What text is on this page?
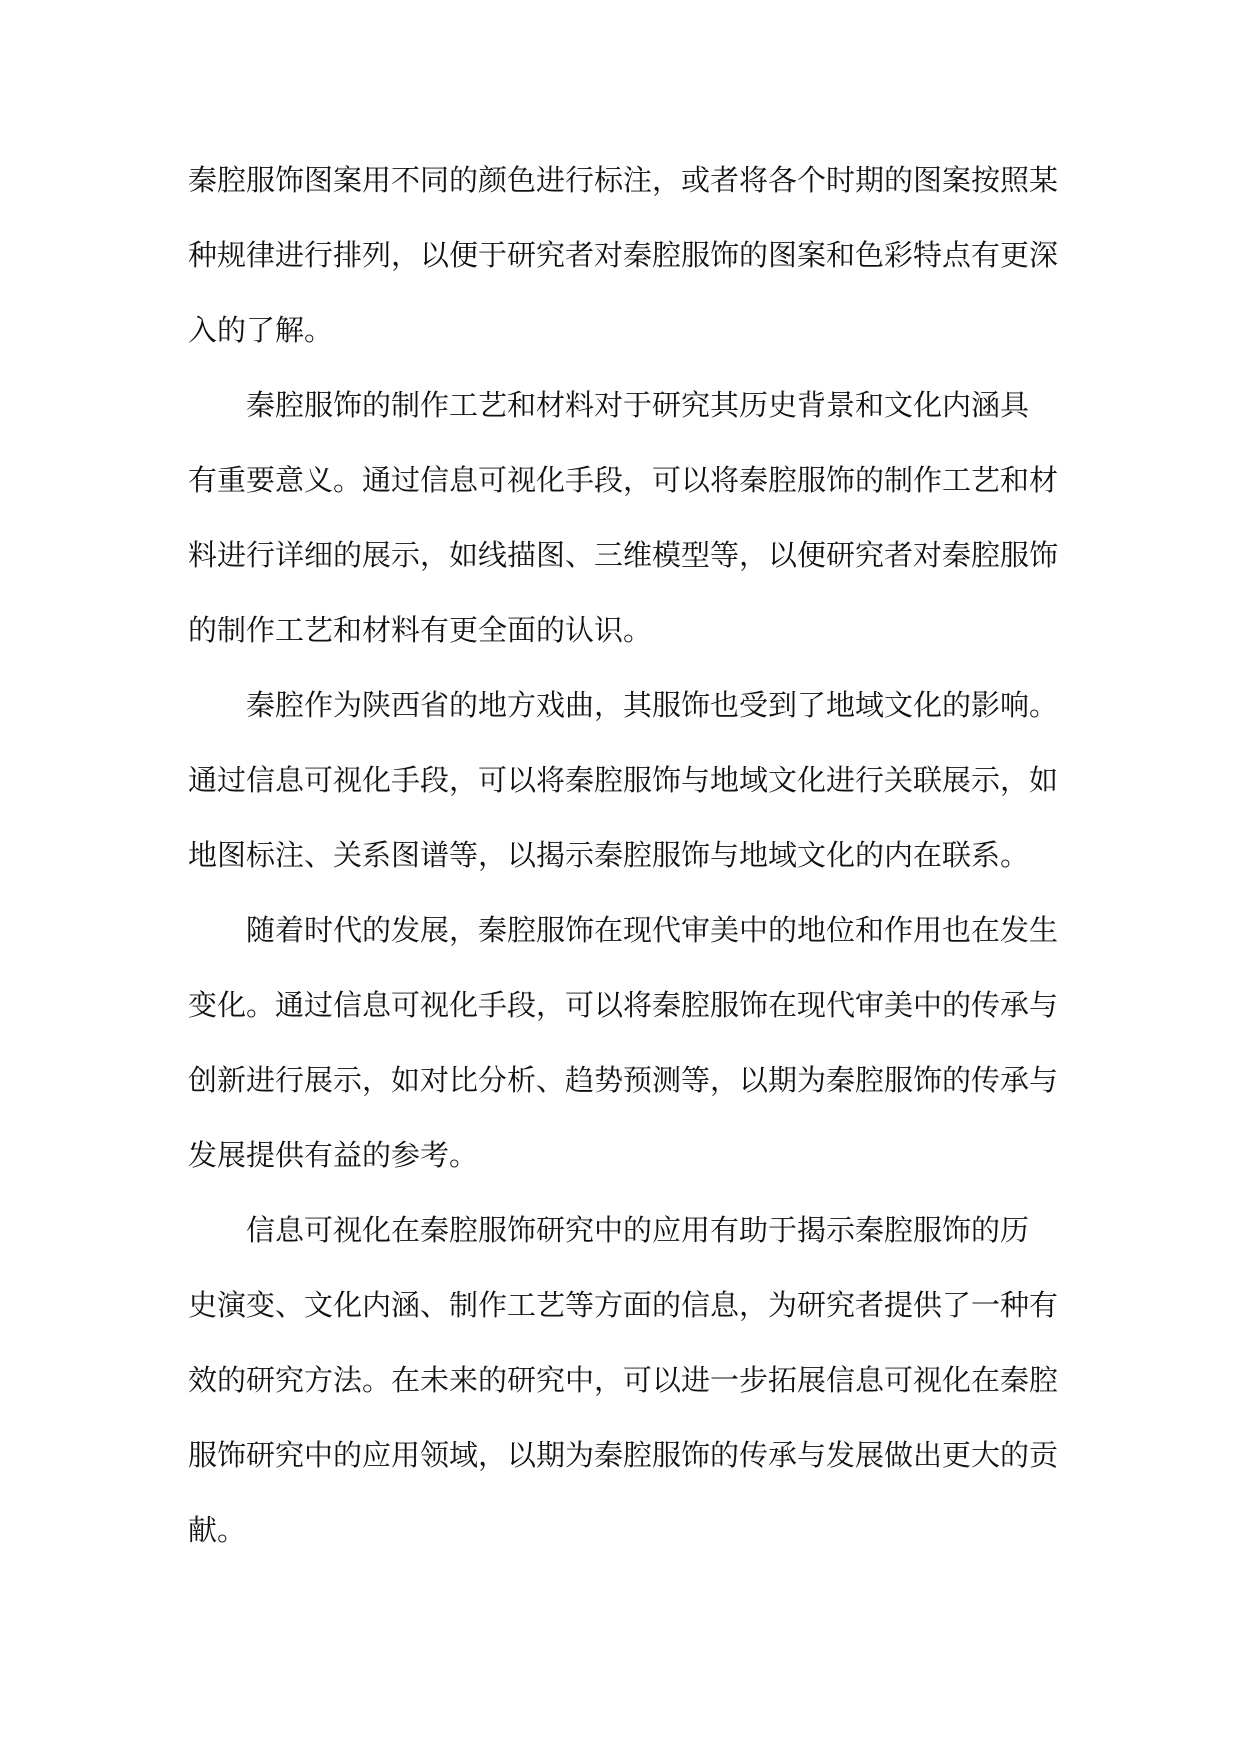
秦腔服饰图案用不同的颜色进行标注，或者将各个时期的图案按照某
种规律进行排列，以便于研究者对秦腔服饰的图案和色彩特点有更深
入的了解。
秦腔服饰的制作工艺和材料对于研究其历史背景和文化内涵具
有重要意义。通过信息可视化手段，可以将秦腔服饰的制作工艺和材
料进行详细的展示，如线描图、三维模型等，以便研究者对秦腔服饰
的制作工艺和材料有更全面的认识。
秦腔作为陕西省的地方戏曲，其服饰也受到了地域文化的影响。
通过信息可视化手段，可以将秦腔服饰与地域文化进行关联展示，如
地图标注、关系图谱等，以揭示秦腔服饰与地域文化的内在联系。
随着时代的发展，秦腔服饰在现代审美中的地位和作用也在发生
变化。通过信息可视化手段，可以将秦腔服饰在现代审美中的传承与
创新进行展示，如对比分析、趋势预测等，以期为秦腔服饰的传承与
发展提供有益的参考。
信息可视化在秦腔服饰研究中的应用有助于揭示秦腔服饰的历
史演变、文化内涵、制作工艺等方面的信息，为研究者提供了一种有
效的研究方法。在未来的研究中，可以进一步拓展信息可视化在秦腔
服饰研究中的应用领域，以期为秦腔服饰的传承与发展做出更大的贡
献。
